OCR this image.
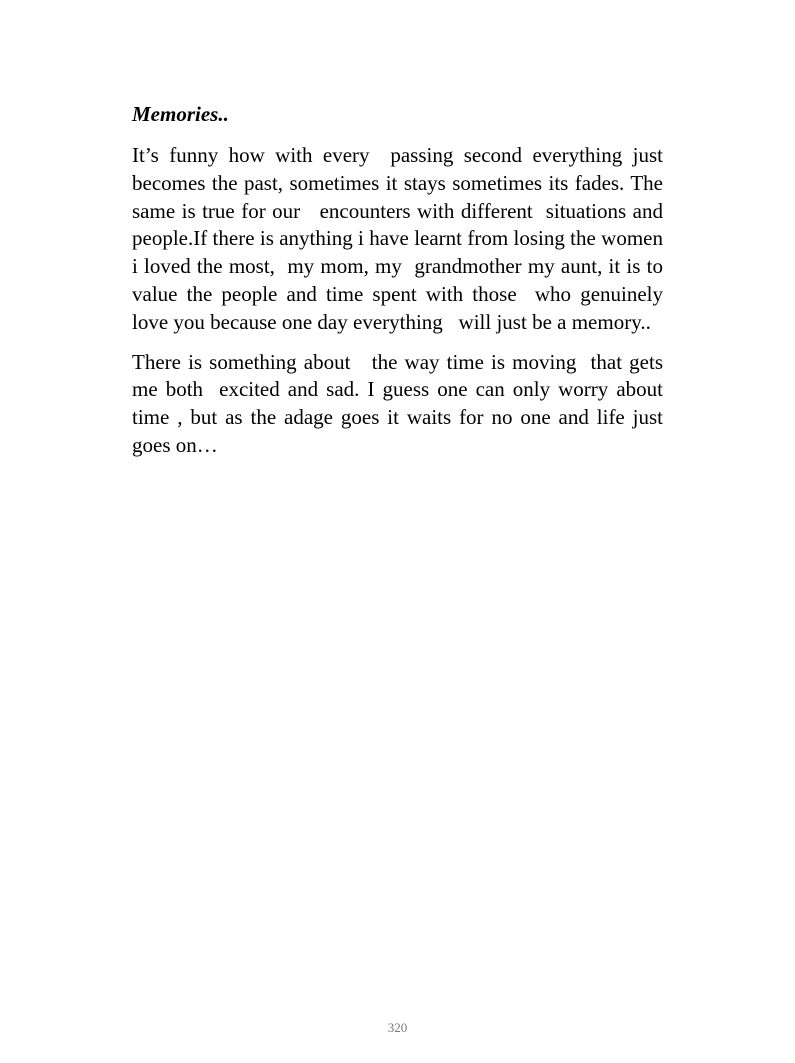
Memories..

It’s funny how with every  passing second everything just becomes the past, sometimes it stays sometimes its fades. The same is true for our   encounters with different  situations and people.If there is anything i have learnt from losing the women i loved the most,  my mom, my  grandmother my aunt, it is to value the people and time spent with those  who genuinely  love you because one day everything   will just be a memory..

There is something about   the way time is moving  that gets me both  excited and sad. I guess one can only worry about time , but as the adage goes it waits for no one and life just goes on…

320
